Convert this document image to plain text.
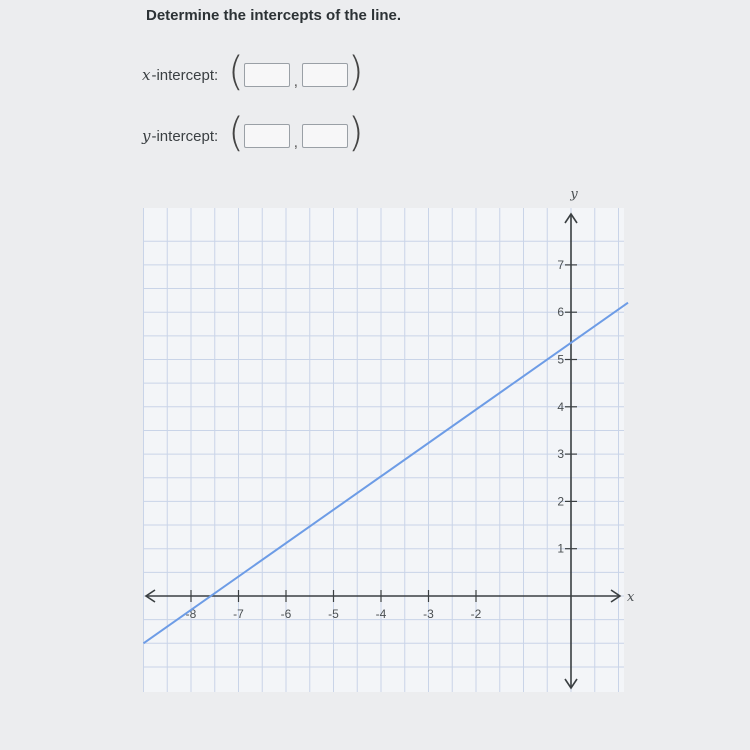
Determine the intercepts of the line.
x -intercept: (	, )
y -intercept: (	, )
-8	-7	-6	-5	-4	-3	-2
1
2
3
4
5
6
7
x
y
